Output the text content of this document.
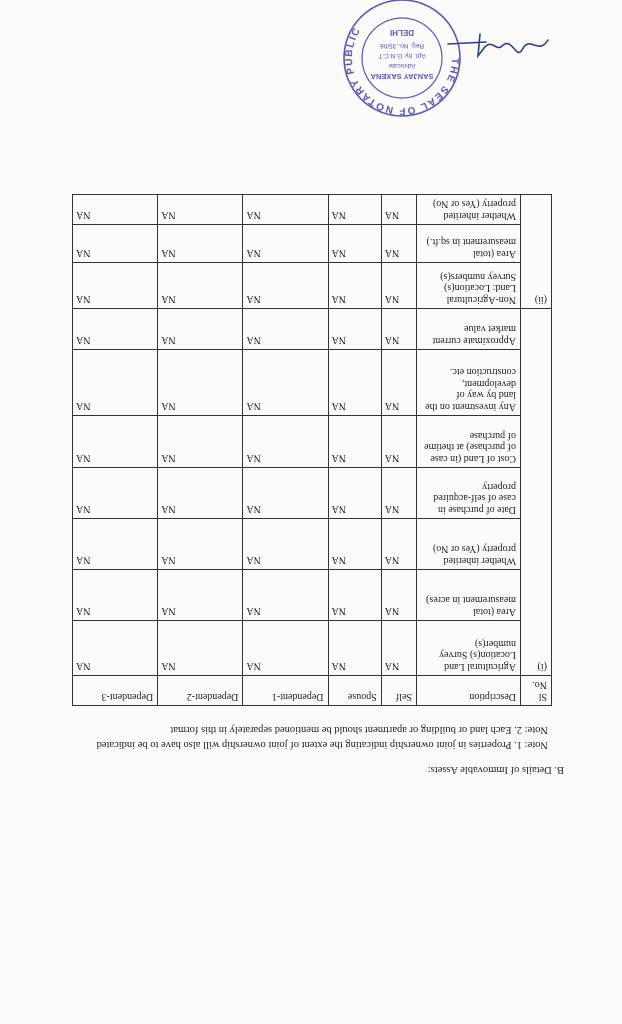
B. Details of Immovable Assets:
Note: 1. Properties in joint ownership indicating the extent of joint ownership will also have to be indicated
Note: 2. Each land or building or apartment should be mentioned separately in this format
Sl No.	Description	Self	Spouse	Dependent-1	Dependent-2	Dependent-3
(i)	Agricultural Land Location(s) Survey number(s)	NA	NA	NA	NA	NA
	Area (total measurement in acres)	NA	NA	NA	NA	NA
	Whether inherited property (Yes or No)	NA	NA	NA	NA	NA
	Date of purchase in case of self-acquired property	NA	NA	NA	NA	NA
	Cost of Land (in case of purchase) at thetime of purchase	NA	NA	NA	NA	NA
	Any investment on the land by way of development, construction etc.	NA	NA	NA	NA	NA
	Approximate current market value	NA	NA	NA	NA	NA
(ii)	Non-Agricultural Land: Location(s) Survey numbers(s)	NA	NA	NA	NA	NA
	Area (total measurement in sq.ft.)	NA	NA	NA	NA	NA
	Whether inherited property (Yes or No)	NA	NA	NA	NA	NA
THE SEAL OF NOTARY PUBLIC
SANJAY SAXENA
Advocate
Apt. by. G.N.C.T
Reg. No.-35/06
DELHI
